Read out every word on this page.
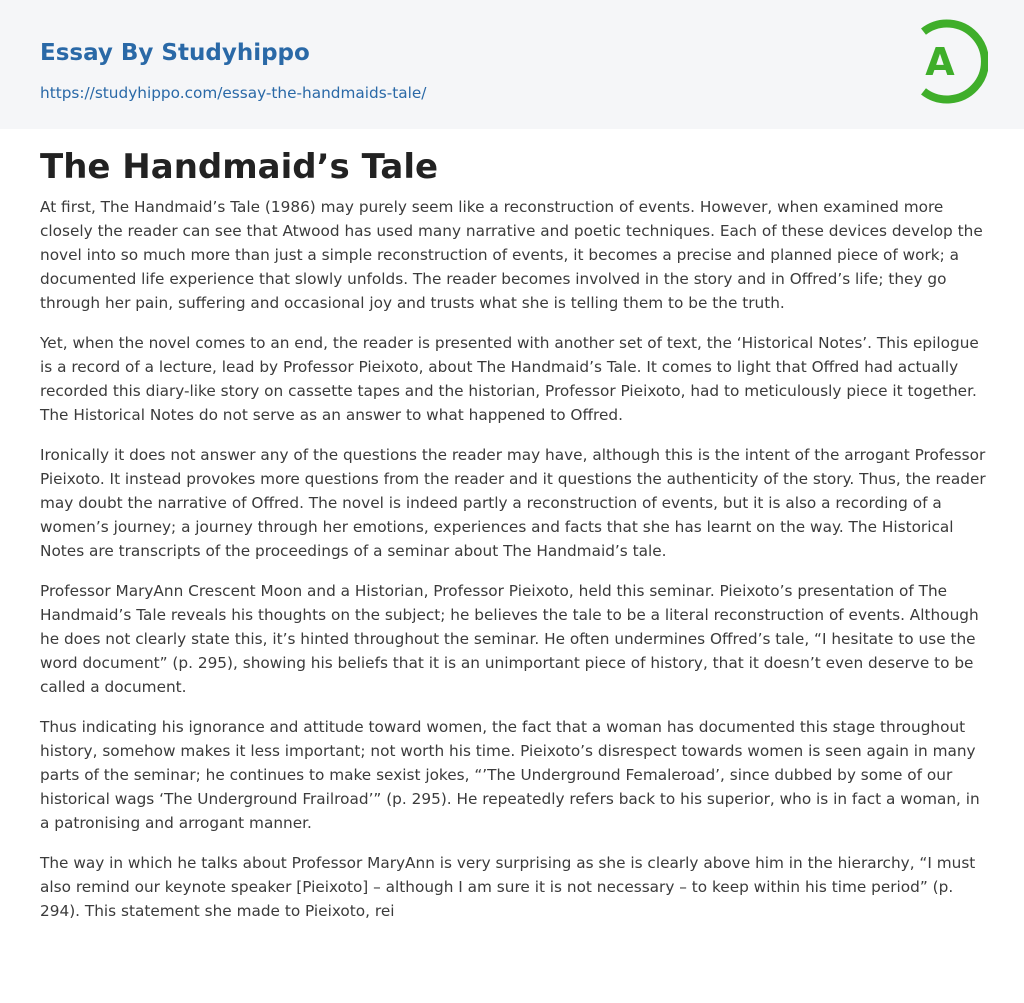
Essay By Studyhippo
https://studyhippo.com/essay-the-handmaids-tale/
A
The Handmaid’s Tale

At first, The Handmaid’s Tale (1986) may purely seem like a reconstruction of events. However, when examined more closely the reader can see that Atwood has used many narrative and poetic techniques. Each of these devices develop the novel into so much more than just a simple reconstruction of events, it becomes a precise and planned piece of work; a documented life experience that slowly unfolds. The reader becomes involved in the story and in Offred’s life; they go through her pain, suffering and occasional joy and trusts what she is telling them to be the truth.

Yet, when the novel comes to an end, the reader is presented with another set of text, the ‘Historical Notes’. This epilogue is a record of a lecture, lead by Professor Pieixoto, about The Handmaid’s Tale. It comes to light that Offred had actually recorded this diary-like story on cassette tapes and the historian, Professor Pieixoto, had to meticulously piece it together. The Historical Notes do not serve as an answer to what happened to Offred.

Ironically it does not answer any of the questions the reader may have, although this is the intent of the arrogant Professor Pieixoto. It instead provokes more questions from the reader and it questions the authenticity of the story. Thus, the reader may doubt the narrative of Offred. The novel is indeed partly a reconstruction of events, but it is also a recording of a women’s journey; a journey through her emotions, experiences and facts that she has learnt on the way. The Historical Notes are transcripts of the proceedings of a seminar about The Handmaid’s tale.

Professor MaryAnn Crescent Moon and a Historian, Professor Pieixoto, held this seminar. Pieixoto’s presentation of The Handmaid’s Tale reveals his thoughts on the subject; he believes the tale to be a literal reconstruction of events. Although he does not clearly state this, it’s hinted throughout the seminar. He often undermines Offred’s tale, “I hesitate to use the word document” (p. 295), showing his beliefs that it is an unimportant piece of history, that it doesn’t even deserve to be called a document.

Thus indicating his ignorance and attitude toward women, the fact that a woman has documented this stage throughout history, somehow makes it less important; not worth his time. Pieixoto’s disrespect towards women is seen again in many parts of the seminar; he continues to make sexist jokes, “’The Underground Femaleroad’, since dubbed by some of our historical wags ‘The Underground Frailroad’” (p. 295). He repeatedly refers back to his superior, who is in fact a woman, in a patronising and arrogant manner.

The way in which he talks about Professor MaryAnn is very surprising as she is clearly above him in the hierarchy, “I must also remind our keynote speaker [Pieixoto] – although I am sure it is not necessary – to keep within his time period” (p. 294). This statement she made to Pieixoto, rei
